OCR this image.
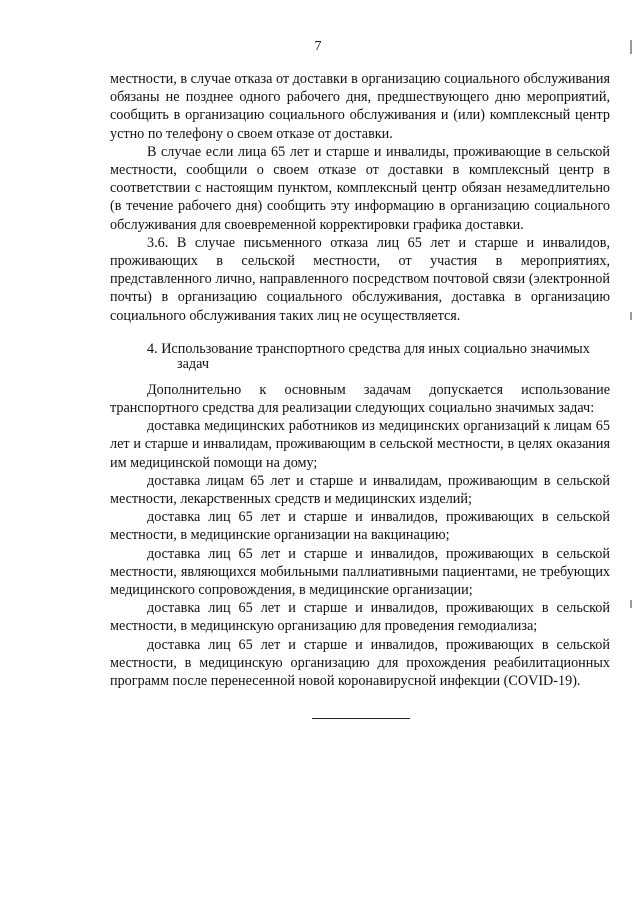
7

местности, в случае отказа от доставки в организацию социального обслуживания обязаны не позднее одного рабочего дня, предшествующего дню мероприятий, сообщить в организацию социального обслуживания и (или) комплексный центр устно по телефону о своем отказе от доставки.

В случае если лица 65 лет и старше и инвалиды, проживающие в сельской местности, сообщили о своем отказе от доставки в комплексный центр в соответствии с настоящим пунктом, комплексный центр обязан незамедлительно (в течение рабочего дня) сообщить эту информацию в организацию социального обслуживания для своевременной корректировки графика доставки.

3.6. В случае письменного отказа лиц 65 лет и старше и инвалидов, проживающих в сельской местности, от участия в мероприятиях, представленного лично, направленного посредством почтовой связи (электронной почты) в организацию социального обслуживания, доставка в организацию социального обслуживания таких лиц не осуществляется.

4. Использование транспортного средства для иных социально значимых
задач

Дополнительно к основным задачам допускается использование транспортного средства для реализации следующих социально значимых задач:

доставка медицинских работников из медицинских организаций к лицам 65 лет и старше и инвалидам, проживающим в сельской местности, в целях оказания им медицинской помощи на дому;

доставка лицам 65 лет и старше и инвалидам, проживающим в сельской местности, лекарственных средств и медицинских изделий;

доставка лиц 65 лет и старше и инвалидов, проживающих в сельской местности, в медицинские организации на вакцинацию;

доставка лиц 65 лет и старше и инвалидов, проживающих в сельской местности, являющихся мобильными паллиативными пациентами, не требующих медицинского сопровождения, в медицинские организации;

доставка лиц 65 лет и старше и инвалидов, проживающих в сельской местности, в медицинскую организацию для проведения гемодиализа;

доставка лиц 65 лет и старше и инвалидов, проживающих в сельской местности, в медицинскую организацию для прохождения реабилитационных программ после перенесенной новой коронавирусной инфекции (COVID-19).
